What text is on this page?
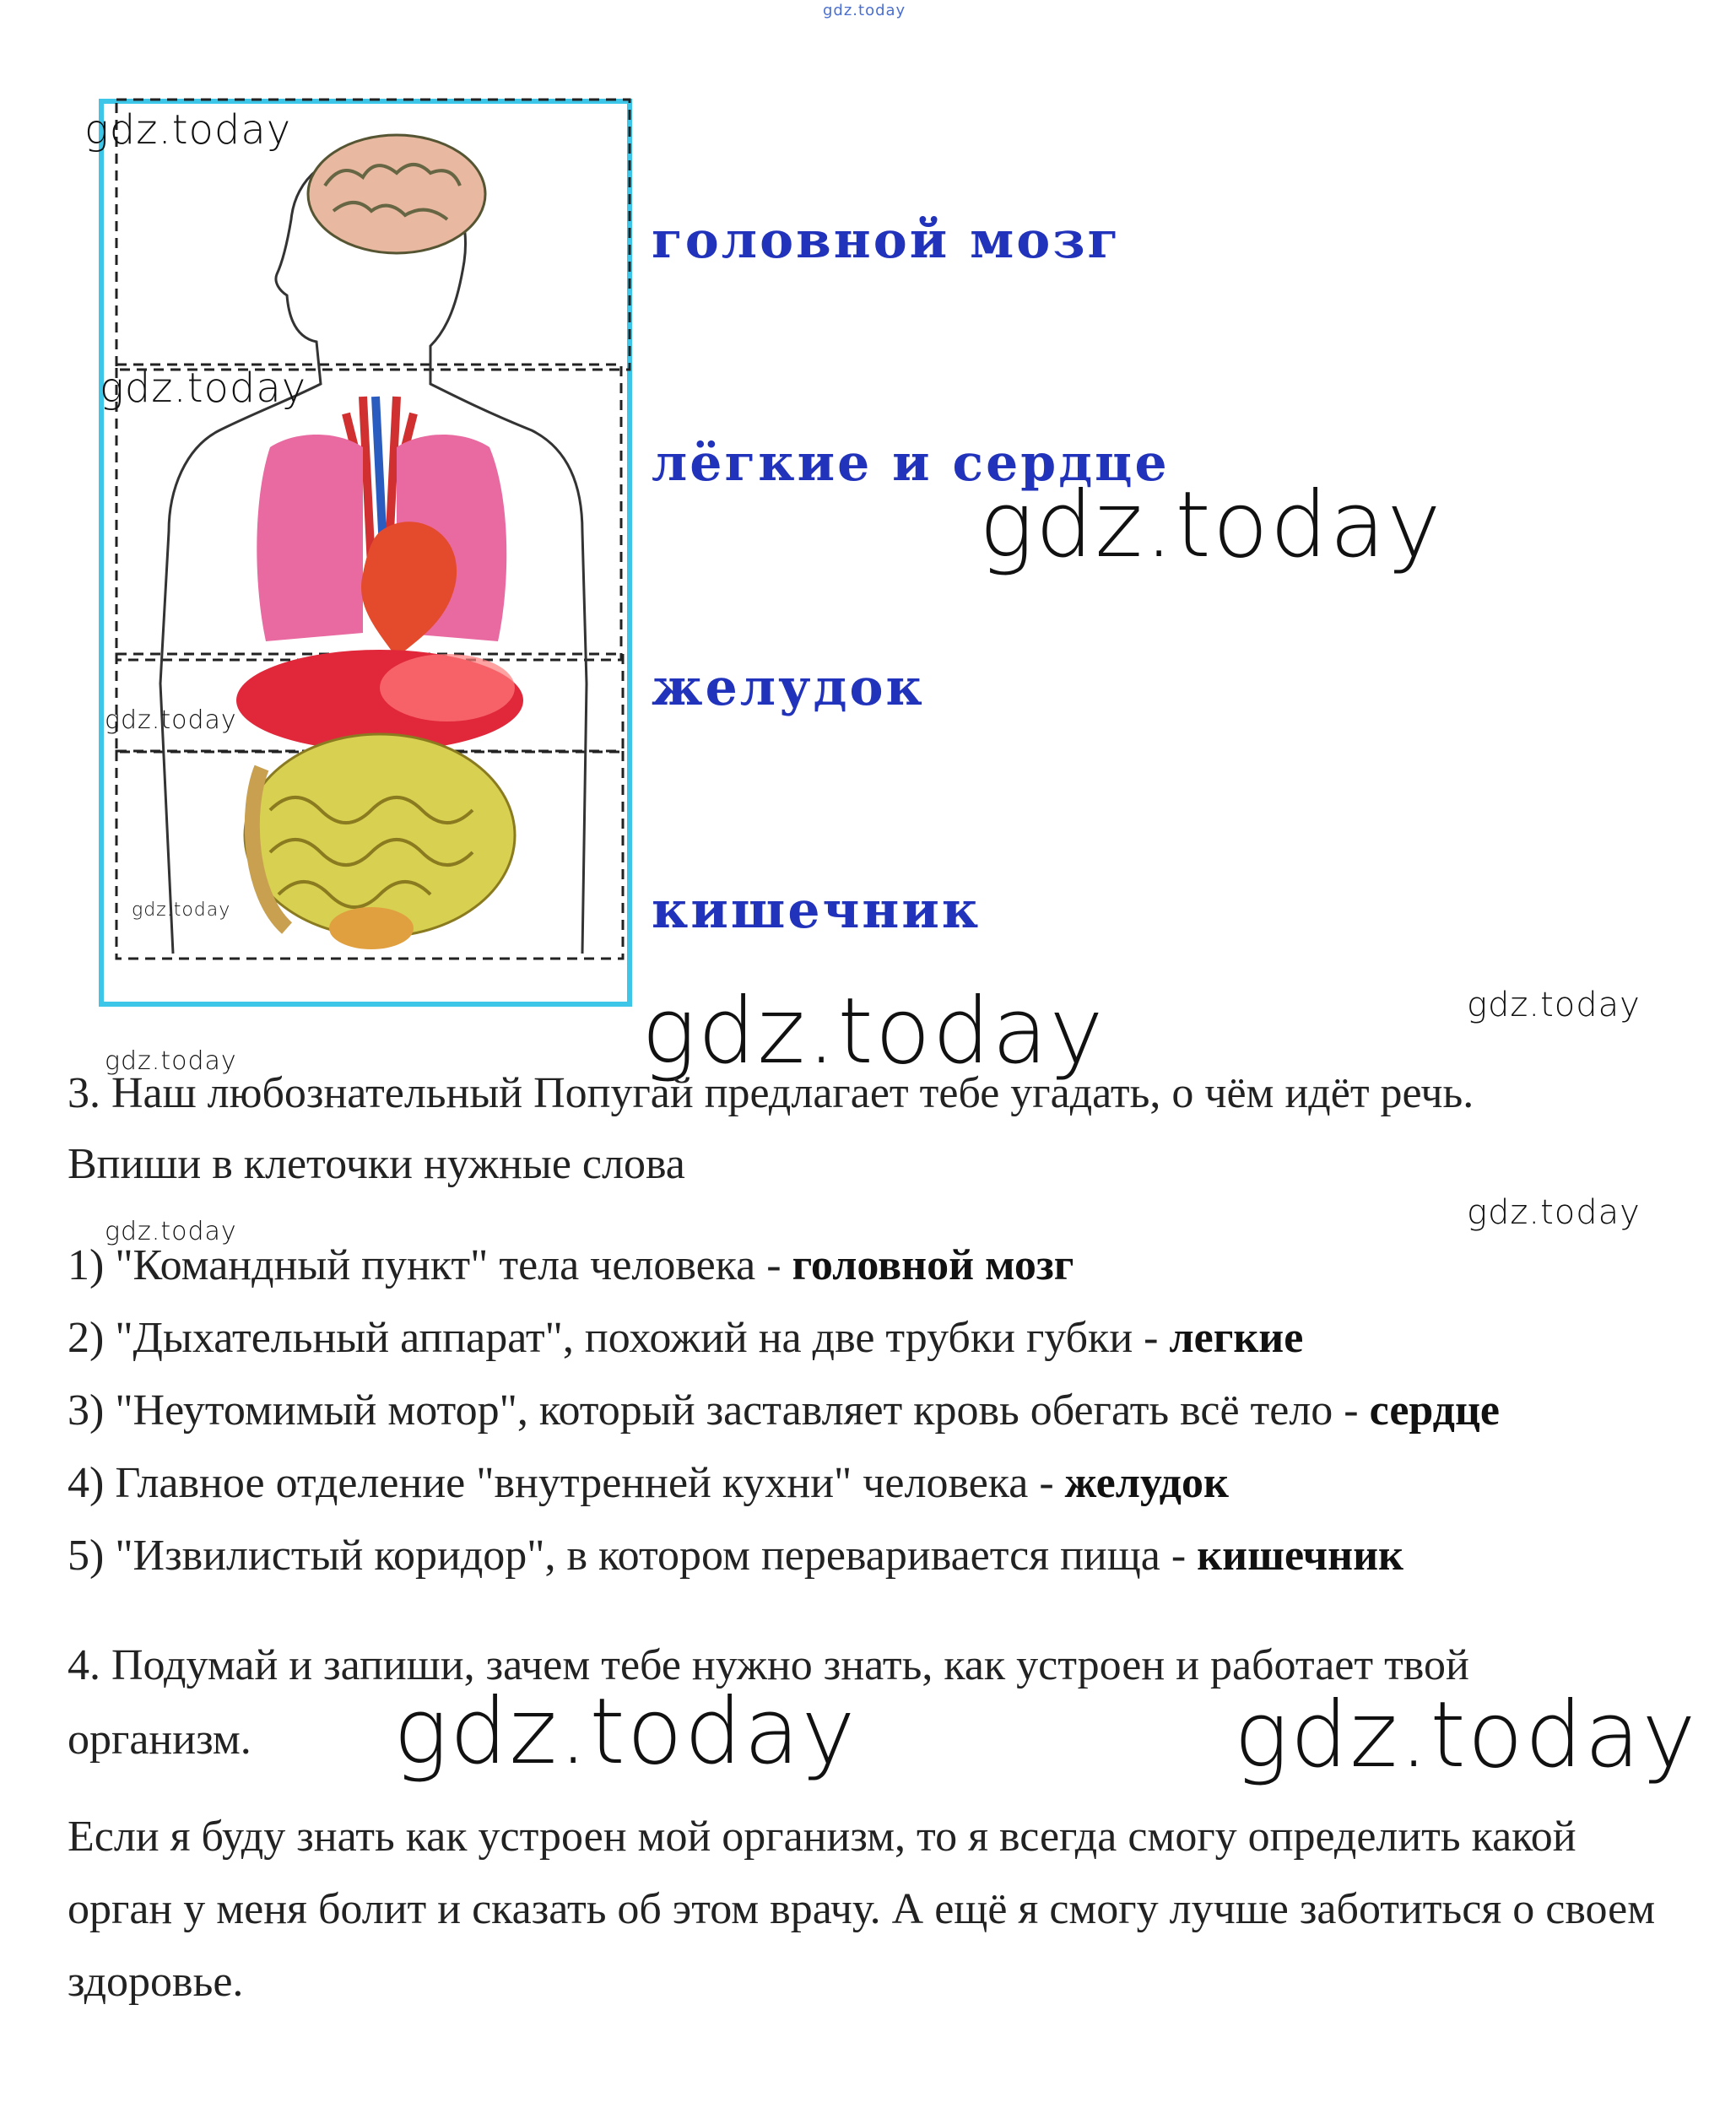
gdz.today
gdz.today
gdz.today
gdz.today
gdz.today
головной мозг
лёгкие и сердце
желудок
кишечник
gdz.today
gdz.today
gdz.today
gdz.today
3. Наш любознательный Попугай предлагает тебе угадать, о чём идёт речь.
Впиши в клеточки нужные слова
gdz.today	gdz.today
1) "Командный пункт" тела человека - головной мозг
2) "Дыхательный аппарат", похожий на две трубки губки - легкие
3) "Неутомимый мотор", который заставляет кровь обегать всё тело - сердце
4) Главное отделение "внутренней кухни" человека - желудок
5) "Извилистый коридор", в котором переваривается пища - кишечник
4. Подумай и запиши, зачем тебе нужно знать, как устроен и работает твой
организм. gdz.today	gdz.today
Если я буду знать как устроен мой организм, то я всегда смогу определить какой орган у меня болит и сказать об этом врачу. А ещё я смогу лучше заботиться о своем здоровье.
